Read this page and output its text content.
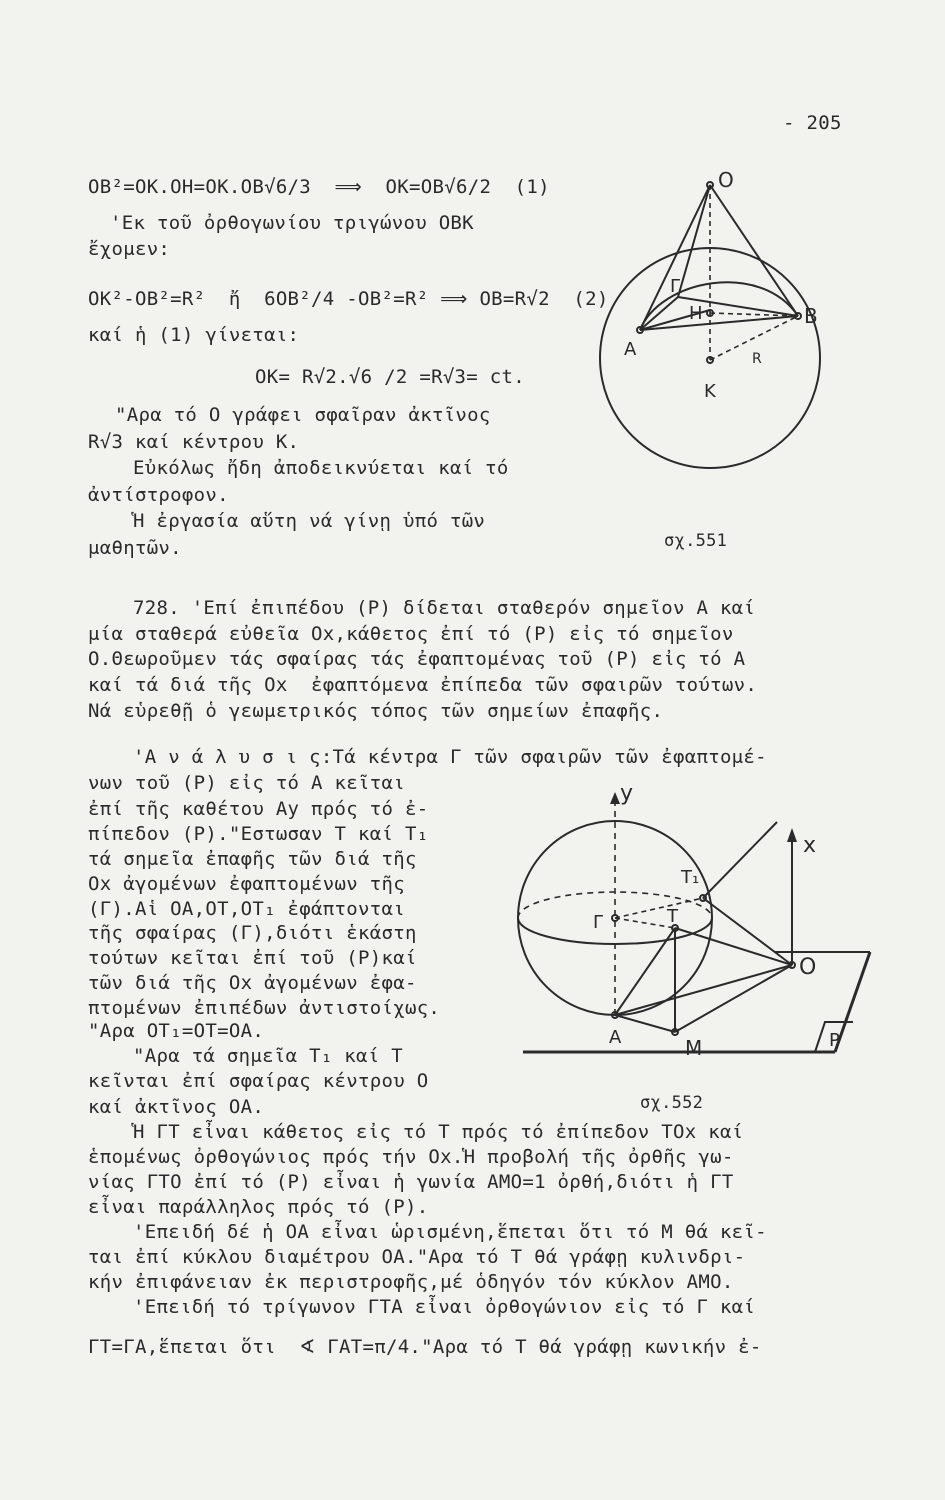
- 205
OB²=OK.OH=OK.OB√6/3  ⟹  OK=OB√6/2  (1)
'Εκ τοῦ ὀρθογωνίου τριγώνου OBK
ἔχομεν:
OK²-OB²=R²  ἤ  6OB²/4 -OB²=R² ⟹ OB=R√2  (2)
καί ἡ (1) γίνεται:
OK= R√2.√6 /2 =R√3= ct.
"Αρα τό O γράφει σφαῖραν ἀκτῖνος
R√3 καί κέντρου K.
Εὐκόλως ἤδη ἀποδεικνύεται καί τό
ἀντίστροφον.
Ἡ ἐργασία αὕτη νά γίνῃ ὑπό τῶν
μαθητῶν.
O
Γ
H	B
A	R
K
σχ.551
728. 'Επί ἐπιπέδου (P) δίδεται σταθερόν σημεῖον A καί
μία σταθερά εὐθεῖα Ox,κάθετος ἐπί τό (P) εἰς τό σημεῖον
O.Θεωροῦμεν τάς σφαίρας τάς ἐφαπτομένας τοῦ (P) εἰς τό A
καί τά διά τῆς Ox  ἐφαπτόμενα ἐπίπεδα τῶν σφαιρῶν τούτων.
Νά εὑρεθῇ ὁ γεωμετρικός τόπος τῶν σημείων ἐπαφῆς.
'Α ν ά λ υ σ ι ς:Τά κέντρα Γ τῶν σφαιρῶν τῶν ἐφαπτομέ-
νων τοῦ (P) εἰς τό A κεῖται
ἐπί τῆς καθέτου Ay πρός τό ἐ-
πίπεδον (P)."Εστωσαν T καί T₁
τά σημεῖα ἐπαφῆς τῶν διά τῆς
Ox ἀγομένων ἐφαπτομένων τῆς
(Γ).Αἱ OA,OT,OT₁ ἐφάπτονται
τῆς σφαίρας (Γ),διότι ἑκάστη
τούτων κεῖται ἐπί τοῦ (P)καί
τῶν διά τῆς Ox ἀγομένων ἐφα-
πτομένων ἐπιπέδων ἀντιστοίχως.
"Αρα OT₁=OT=OA.
"Αρα τά σημεῖα T₁ καί T
κεῖνται ἐπί σφαίρας κέντρου O
καί ἀκτῖνος OA.
y
x
T₁
Γ	T
O
A	M	P
σχ.552
Ἡ ΓT εἶναι κάθετος εἰς τό T πρός τό ἐπίπεδον TOx καί
ἑπομένως ὀρθογώνιος πρός τήν Ox.Ἡ προβολή τῆς ὀρθῆς γω-
νίας ΓTO ἐπί τό (P) εἶναι ἡ γωνία AMO=1 ὀρθή,διότι ἡ ΓT
εἶναι παράλληλος πρός τό (P).
'Επειδή δέ ἡ OA εἶναι ὡρισμένη,ἕπεται ὅτι τό M θά κεῖ-
ται ἐπί κύκλου διαμέτρου OA."Αρα τό T θά γράφῃ κυλινδρι-
κήν ἐπιφάνειαν ἐκ περιστροφῆς,μέ ὁδηγόν τόν κύκλον AMO.
'Επειδή τό τρίγωνον ΓTA εἶναι ὀρθογώνιον εἰς τό Γ καί
ΓT=ΓA,ἕπεται ὅτι  ∢ ΓAT=π/4."Αρα τό T θά γράφῃ κωνικήν ἐ-
